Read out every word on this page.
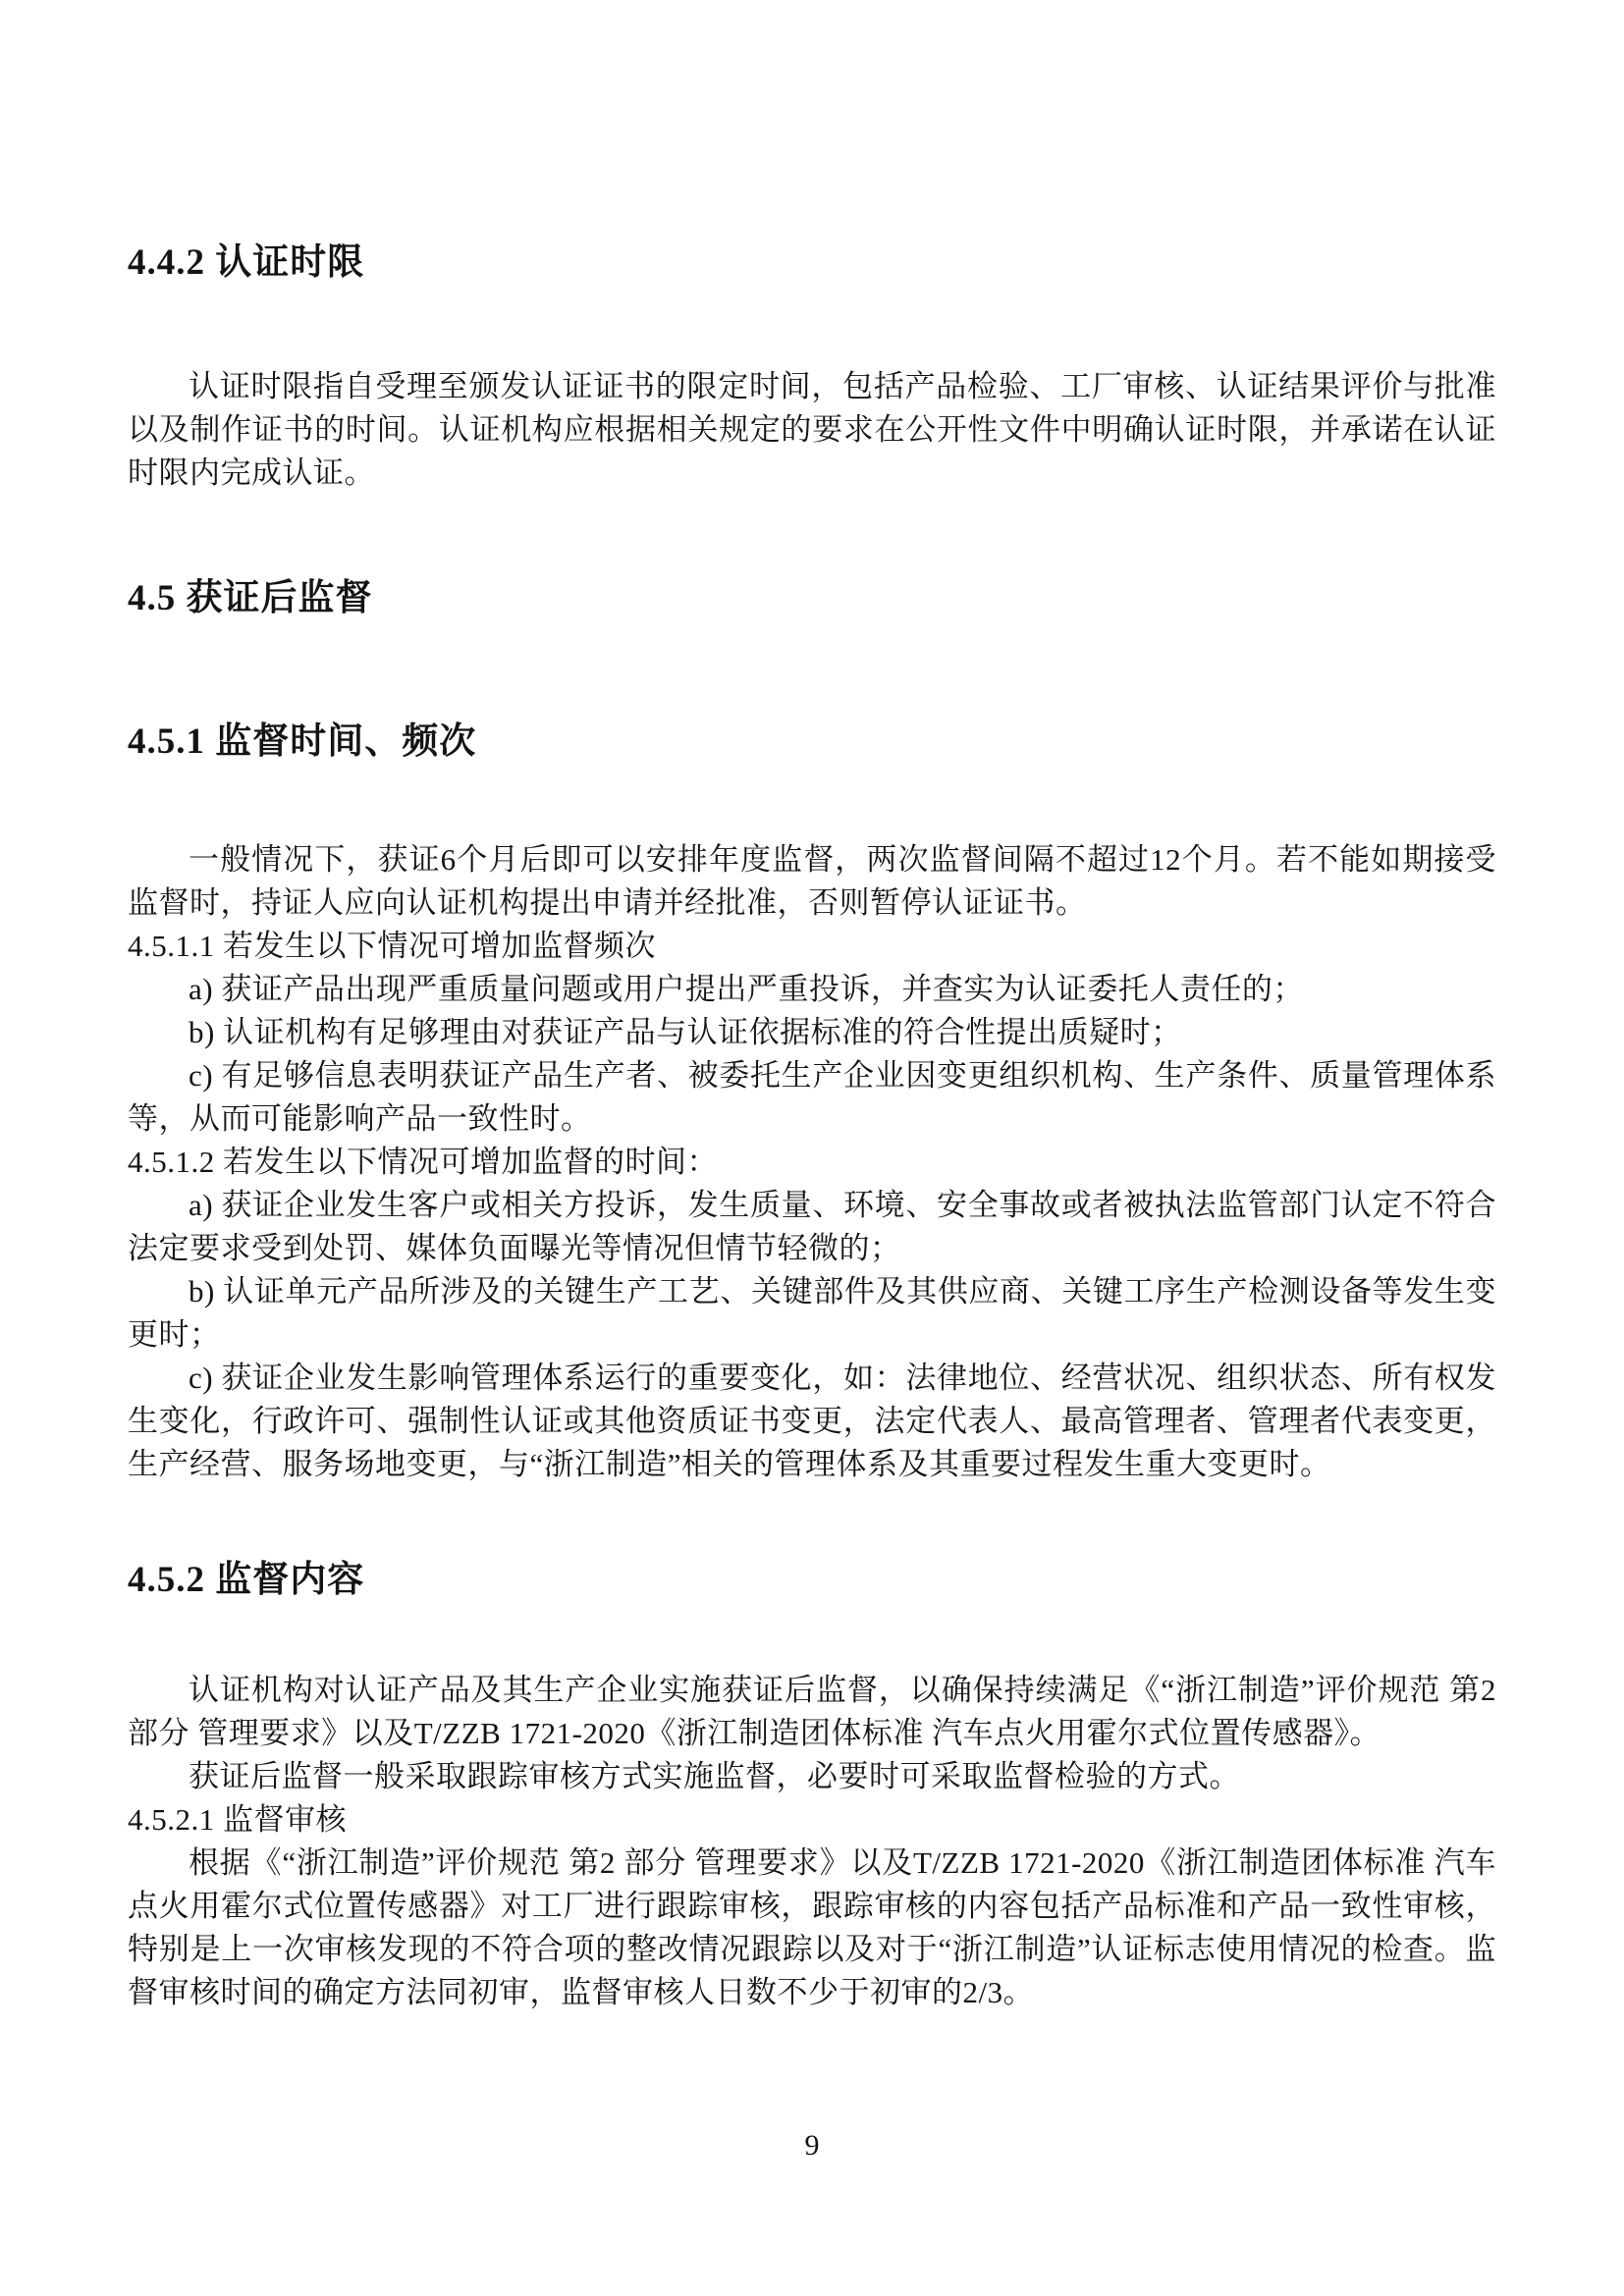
4.4.2 认证时限

认证时限指自受理至颁发认证证书的限定时间，包括产品检验、工厂审核、认证结果评价与批准以及制作证书的时间。认证机构应根据相关规定的要求在公开性文件中明确认证时限，并承诺在认证时限内完成认证。

4.5 获证后监督
4.5.1 监督时间、频次

一般情况下，获证6个月后即可以安排年度监督，两次监督间隔不超过12个月。若不能如期接受监督时，持证人应向认证机构提出申请并经批准，否则暂停认证证书。

4.5.1.1 若发生以下情况可增加监督频次

a) 获证产品出现严重质量问题或用户提出严重投诉，并查实为认证委托人责任的；

b) 认证机构有足够理由对获证产品与认证依据标准的符合性提出质疑时；

c) 有足够信息表明获证产品生产者、被委托生产企业因变更组织机构、生产条件、质量管理体系等，从而可能影响产品一致性时。

4.5.1.2 若发生以下情况可增加监督的时间：

a) 获证企业发生客户或相关方投诉，发生质量、环境、安全事故或者被执法监管部门认定不符合法定要求受到处罚、媒体负面曝光等情况但情节轻微的；

b) 认证单元产品所涉及的关键生产工艺、关键部件及其供应商、关键工序生产检测设备等发生变更时；

c) 获证企业发生影响管理体系运行的重要变化，如：法律地位、经营状况、组织状态、所有权发生变化，行政许可、强制性认证或其他资质证书变更，法定代表人、最高管理者、管理者代表变更，生产经营、服务场地变更，与“浙江制造”相关的管理体系及其重要过程发生重大变更时。

4.5.2 监督内容

认证机构对认证产品及其生产企业实施获证后监督，以确保持续满足《“浙江制造”评价规范 第2 部分 管理要求》以及T/ZZB 1721-2020《浙江制造团体标准 汽车点火用霍尔式位置传感器》。

获证后监督一般采取跟踪审核方式实施监督，必要时可采取监督检验的方式。

4.5.2.1 监督审核

根据《“浙江制造”评价规范 第2 部分 管理要求》以及T/ZZB 1721-2020《浙江制造团体标准 汽车点火用霍尔式位置传感器》对工厂进行跟踪审核，跟踪审核的内容包括产品标准和产品一致性审核，特别是上一次审核发现的不符合项的整改情况跟踪以及对于“浙江制造”认证标志使用情况的检查。监督审核时间的确定方法同初审，监督审核人日数不少于初审的2/3。

9
